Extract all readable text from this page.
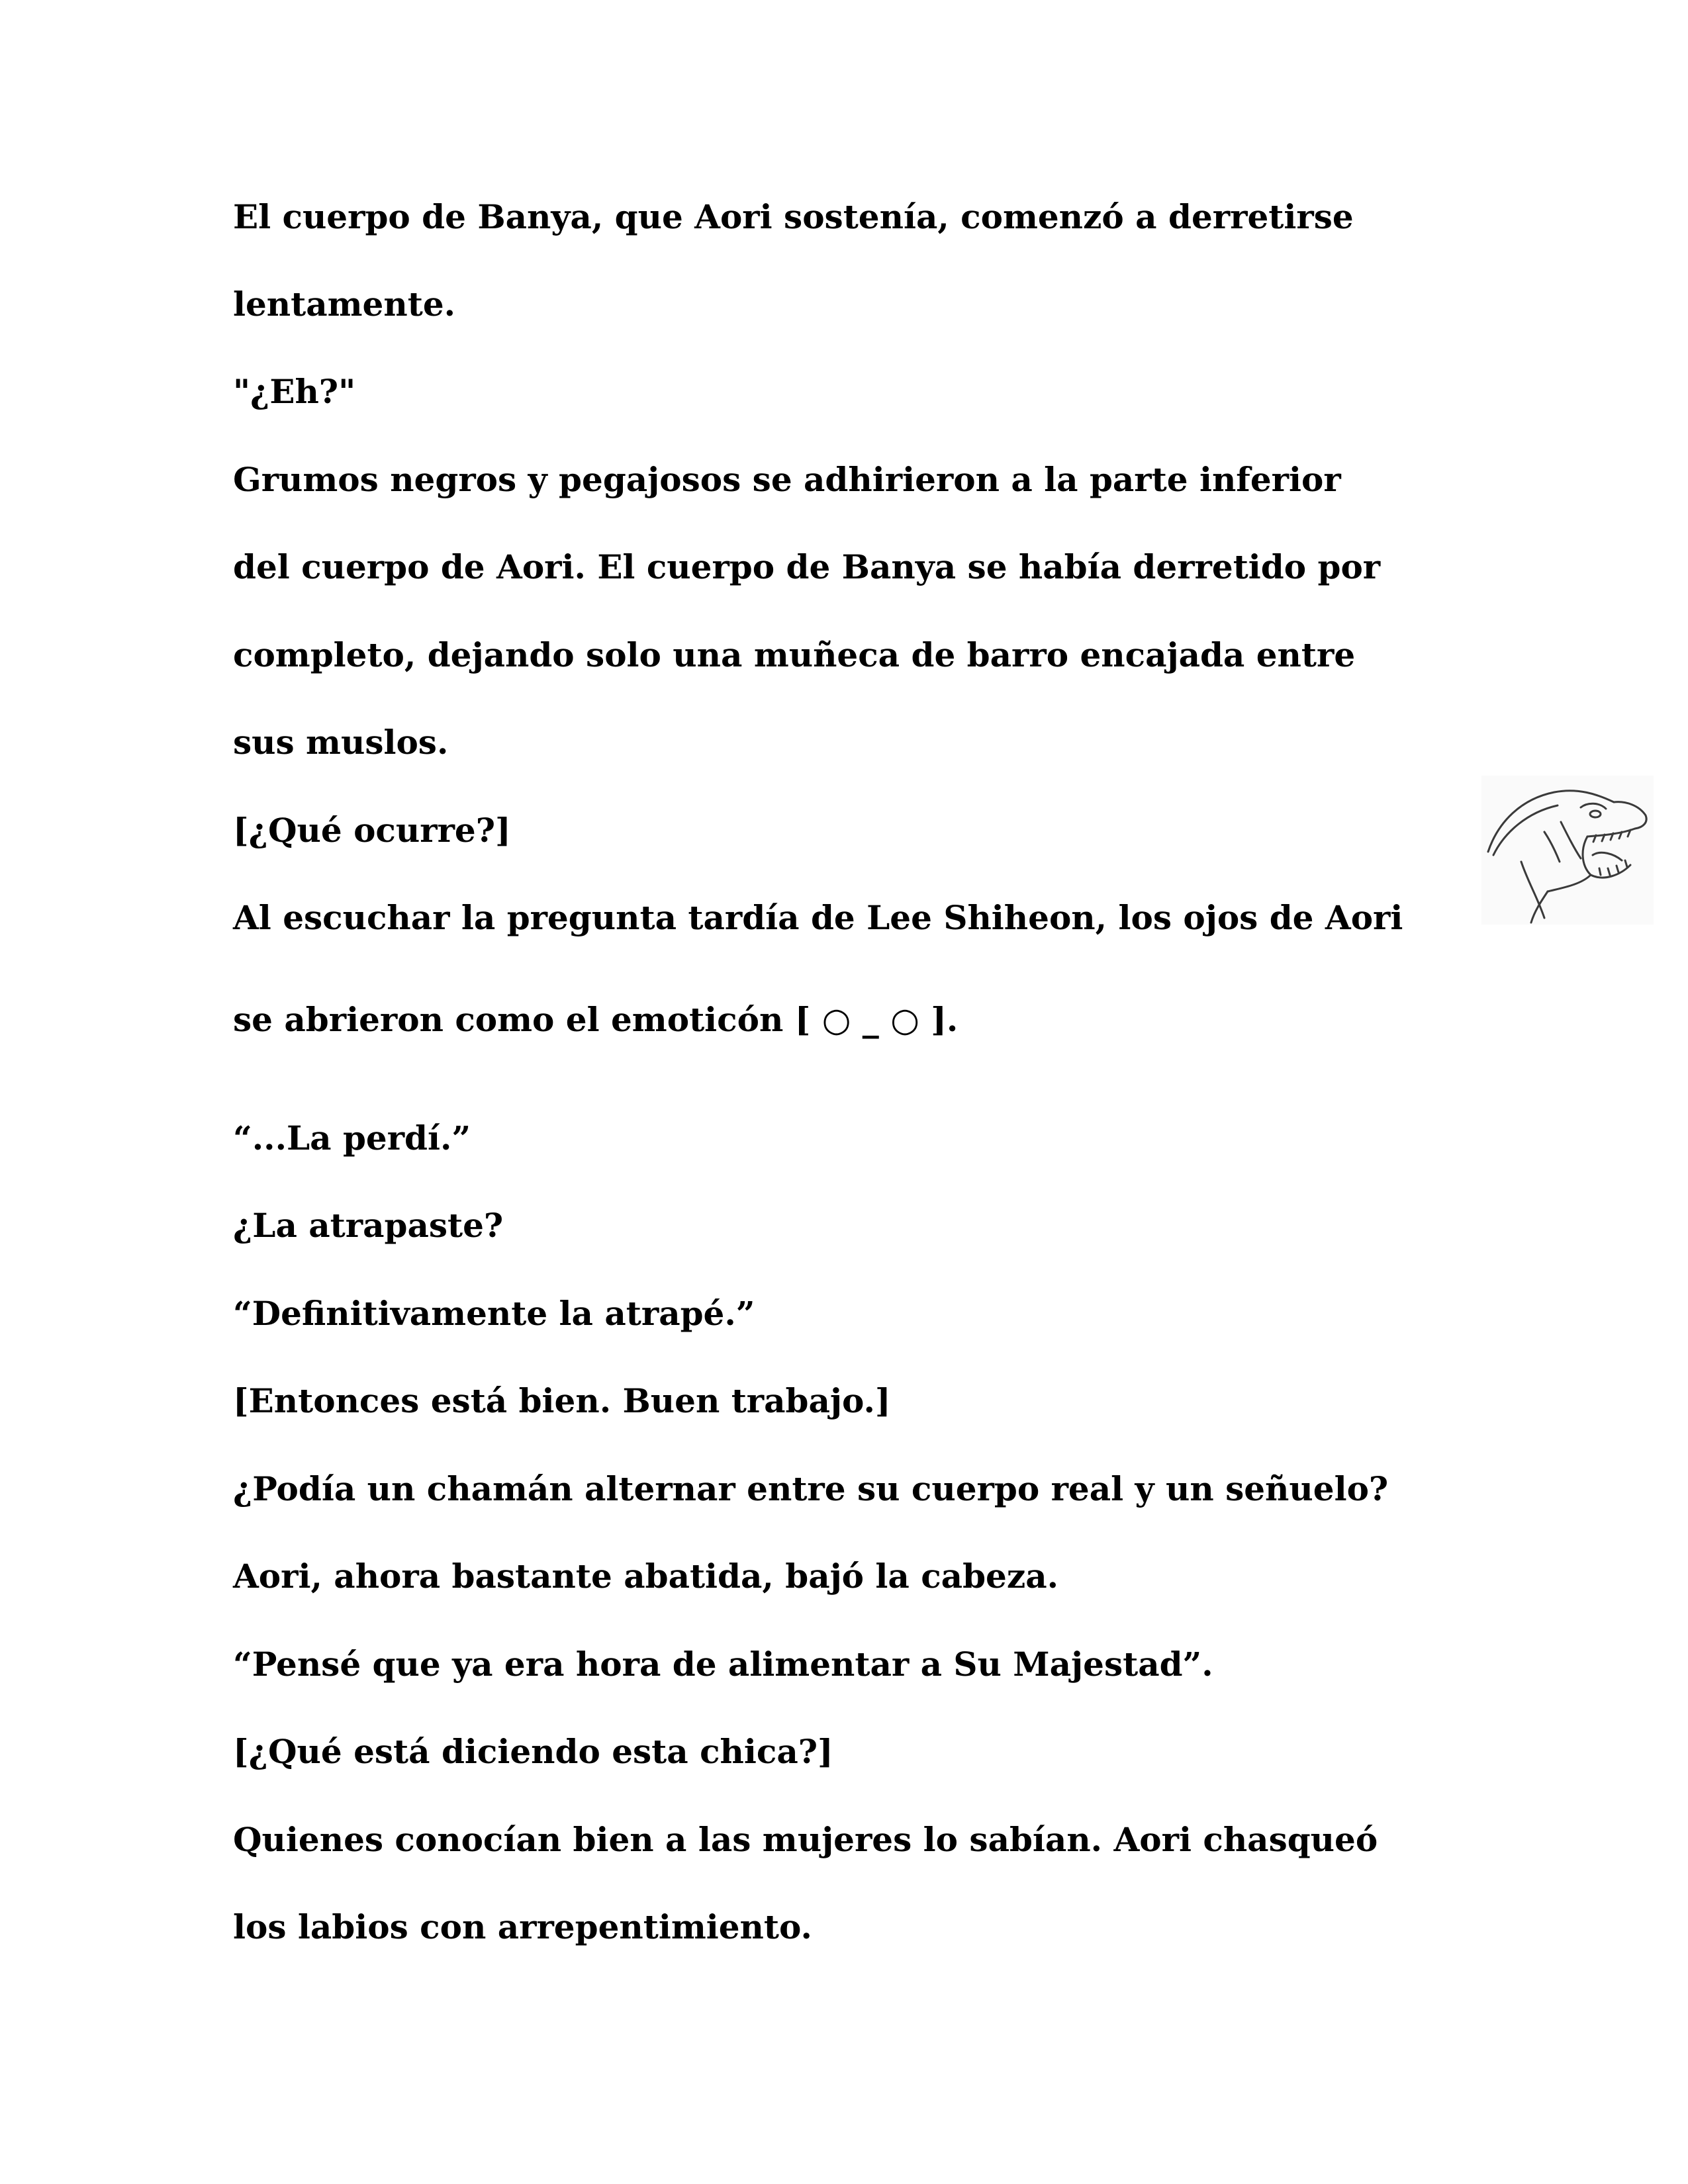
El cuerpo de Banya, que Aori sostenía, comenzó a derretirse

lentamente.

"¿Eh?"

Grumos negros y pegajosos se adhirieron a la parte inferior

del cuerpo de Aori. El cuerpo de Banya se había derretido por

completo, dejando solo una muñeca de barro encajada entre

sus muslos.

[¿Qué ocurre?]

Al escuchar la pregunta tardía de Lee Shiheon, los ojos de Aori

se abrieron como el emoticón [ ○ _ ○ ].

“...La perdí.”

¿La atrapaste?

“Definitivamente la atrapé.”

[Entonces está bien. Buen trabajo.]

¿Podía un chamán alternar entre su cuerpo real y un señuelo?

Aori, ahora bastante abatida, bajó la cabeza.

“Pensé que ya era hora de alimentar a Su Majestad”.

[¿Qué está diciendo esta chica?]

Quienes conocían bien a las mujeres lo sabían. Aori chasqueó

los labios con arrepentimiento.
